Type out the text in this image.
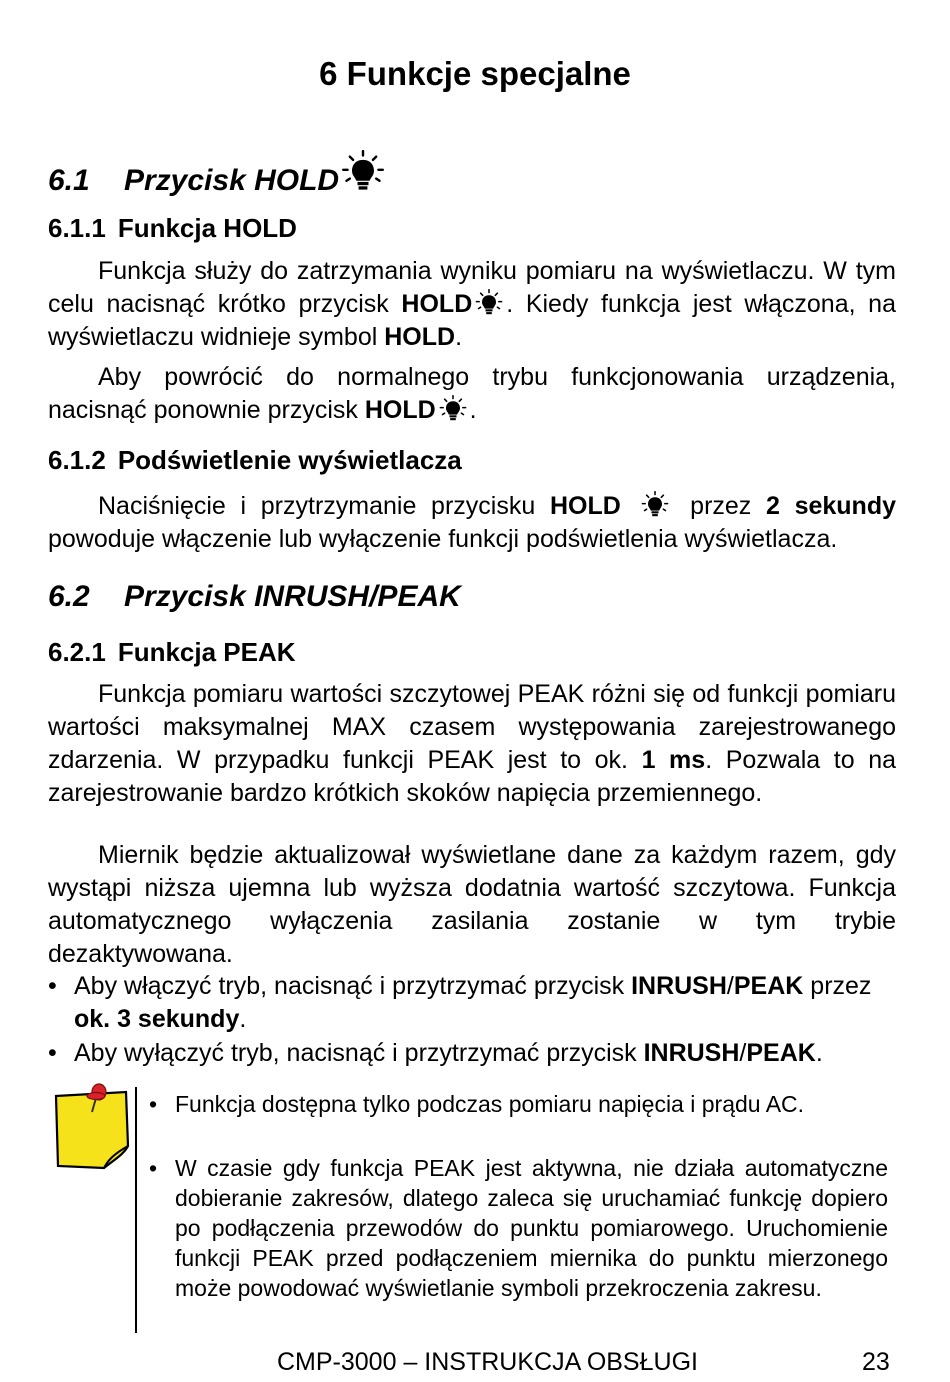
6 Funkcje specjalne
6.1 Przycisk HOLD
6.1.1 Funkcja HOLD
Funkcja służy do zatrzymania wyniku pomiaru na wyświetlaczu. W tym celu nacisnąć krótko przycisk HOLD . Kiedy funkcja jest włączona, na wyświetlaczu widnieje symbol HOLD.
Aby powrócić do normalnego trybu funkcjonowania urządzenia, nacisnąć ponownie przycisk HOLD .
6.1.2 Podświetlenie wyświetlacza
Naciśnięcie i przytrzymanie przycisku HOLD  przez 2 sekundy powoduje włączenie lub wyłączenie funkcji podświetlenia wyświetlacza.
6.2 Przycisk INRUSH/PEAK
6.2.1 Funkcja PEAK
Funkcja pomiaru wartości szczytowej PEAK różni się od funkcji pomiaru wartości maksymalnej MAX czasem występowania zarejestrowanego zdarzenia. W przypadku funkcji PEAK jest to ok. 1 ms. Pozwala to na zarejestrowanie bardzo krótkich skoków napięcia przemiennego.
Miernik będzie aktualizował wyświetlane dane za każdym razem, gdy wystąpi niższa ujemna lub wyższa dodatnia wartość szczytowa. Funkcja automatycznego wyłączenia zasilania zostanie w tym trybie dezaktywowana.
• Aby włączyć tryb, nacisnąć i przytrzymać przycisk INRUSH/PEAK przez ok. 3 sekundy.
• Aby wyłączyć tryb, nacisnąć i przytrzymać przycisk INRUSH/PEAK.
• Funkcja dostępna tylko podczas pomiaru napięcia i prądu AC.
• W czasie gdy funkcja PEAK jest aktywna, nie działa automatyczne dobieranie zakresów, dlatego zaleca się uruchamiać funkcję dopiero po podłączenia przewodów do punktu pomiarowego. Uruchomienie funkcji PEAK przed podłączeniem miernika do punktu mierzonego może powodować wyświetlanie symboli przekroczenia zakresu.
CMP-3000 – INSTRUKCJA OBSŁUGI	23
